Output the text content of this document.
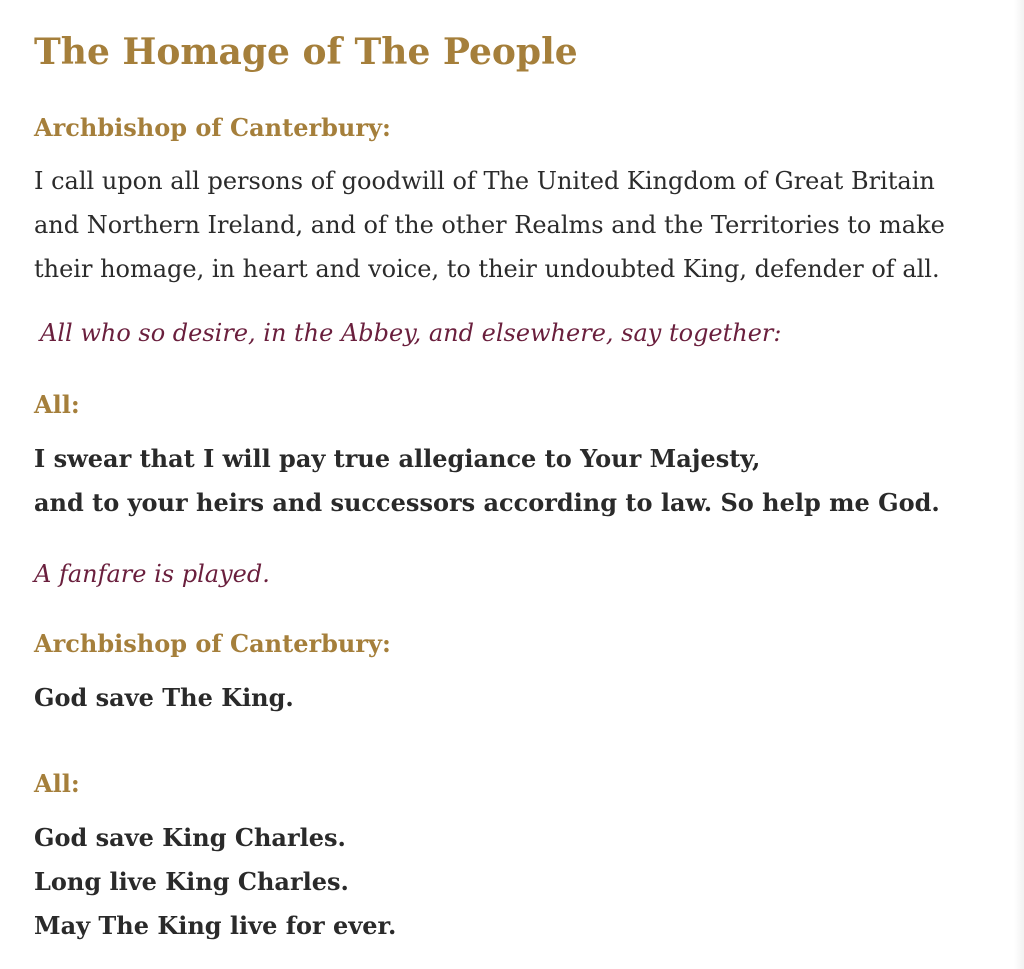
The Homage of The People
Archbishop of Canterbury:
I call upon all persons of goodwill of The United Kingdom of Great Britain
and Northern Ireland, and of the other Realms and the Territories to make
their homage, in heart and voice, to their undoubted King, defender of all.
All who so desire, in the Abbey, and elsewhere, say together:
All:
I swear that I will pay true allegiance to Your Majesty,
and to your heirs and successors according to law. So help me God.
A fanfare is played.
Archbishop of Canterbury:
God save The King.
All:
God save King Charles.
Long live King Charles.
May The King live for ever.
